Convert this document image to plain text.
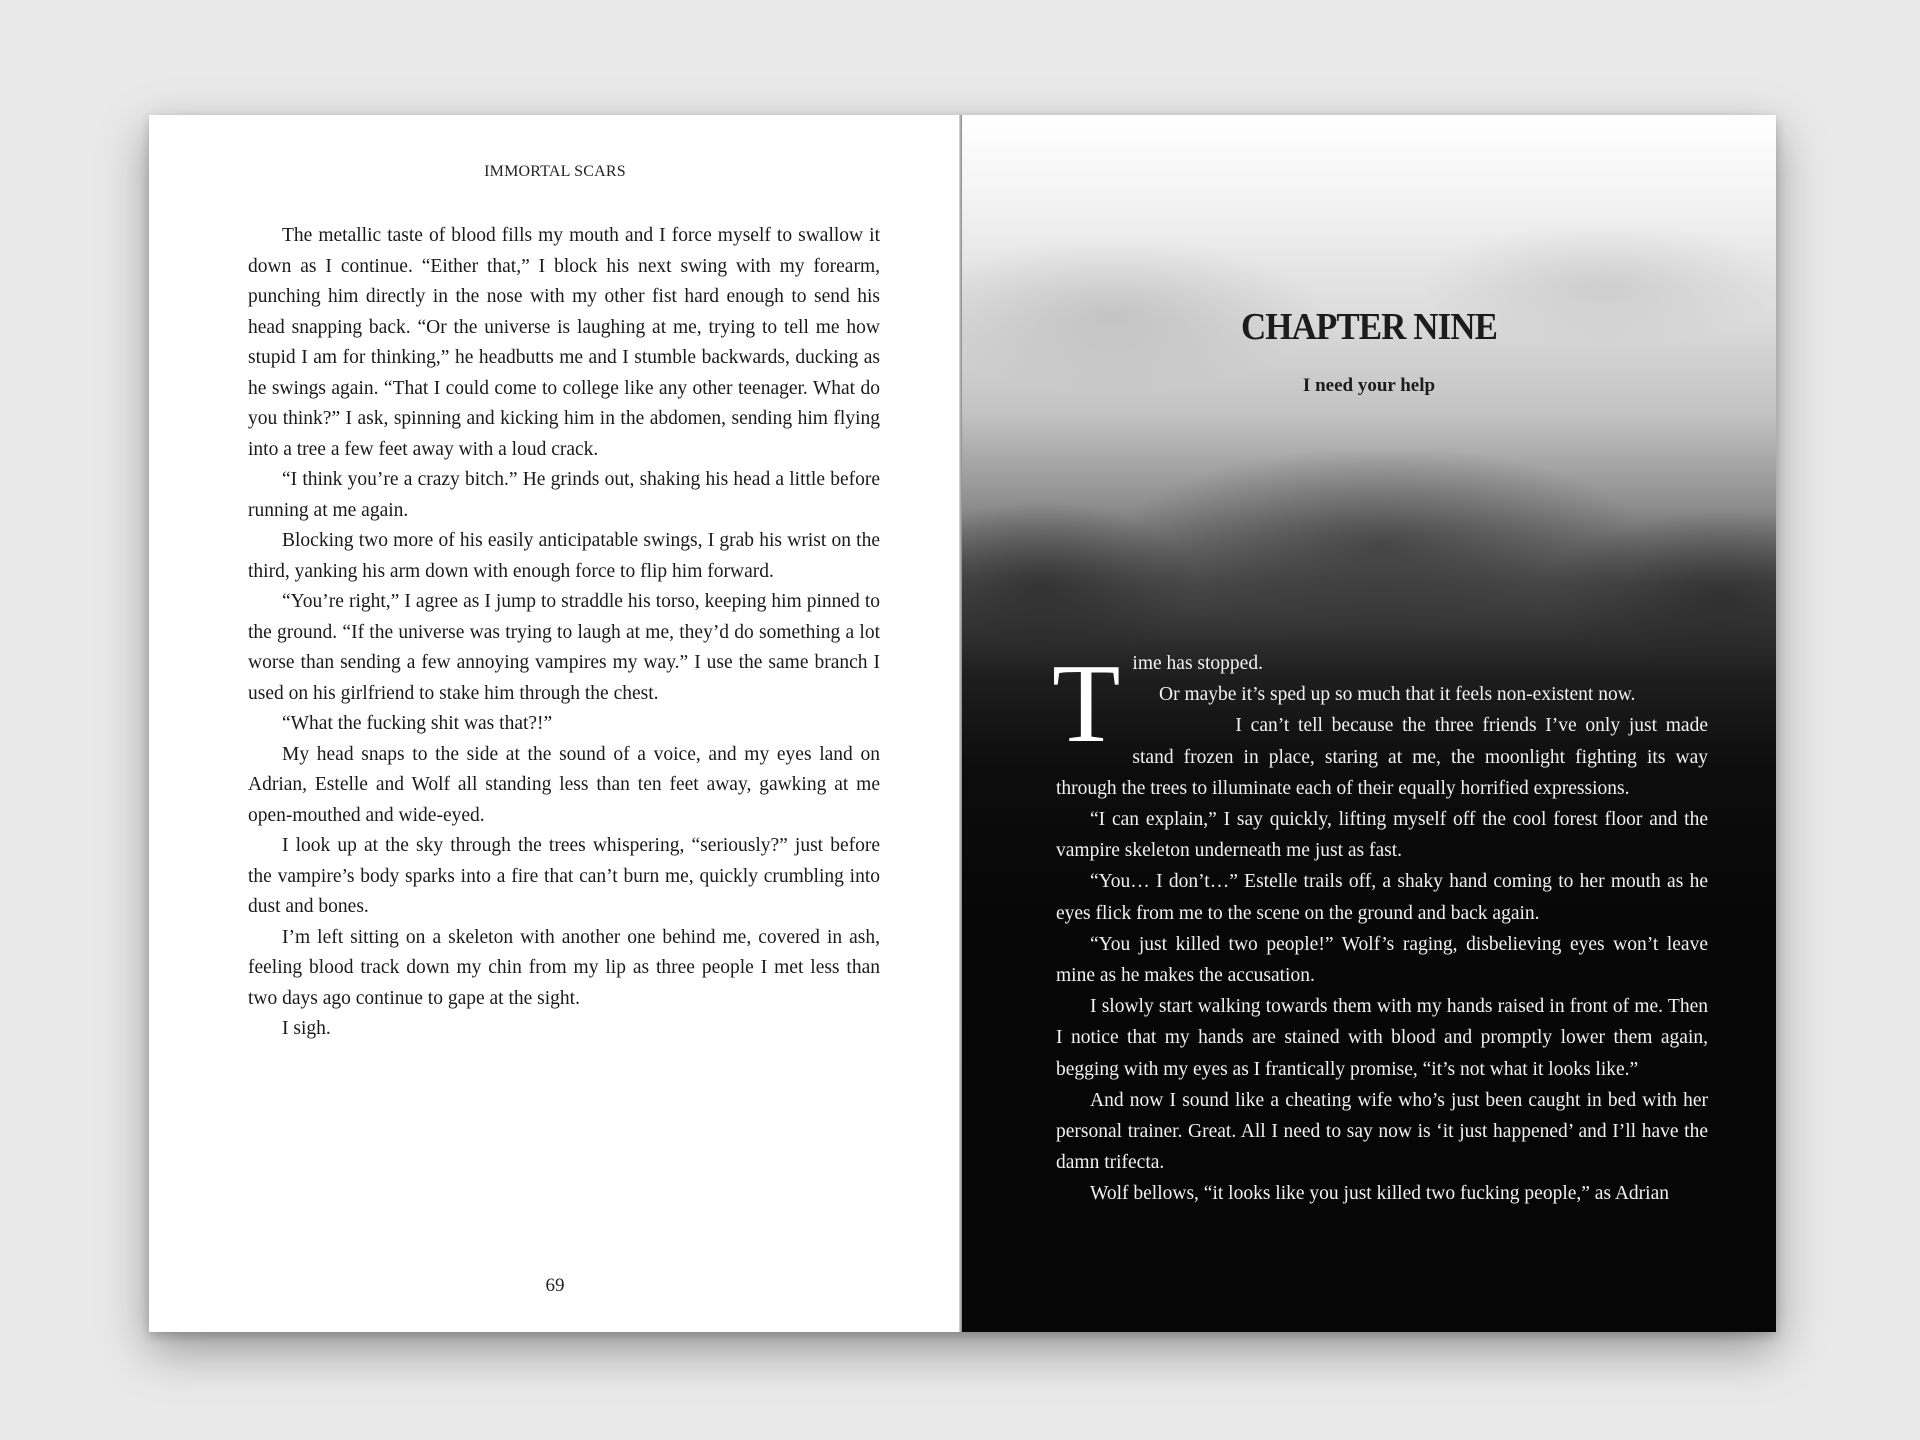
IMMORTAL SCARS

The metallic taste of blood fills my mouth and I force myself to swallow it down as I continue. “Either that,” I block his next swing with my forearm, punching him directly in the nose with my other fist hard enough to send his head snapping back. “Or the universe is laughing at me, trying to tell me how stupid I am for thinking,” he headbutts me and I stumble backwards, ducking as he swings again. “That I could come to college like any other teenager. What do you think?” I ask, spinning and kicking him in the abdomen, sending him flying into a tree a few feet away with a loud crack.

“I think you’re a crazy bitch.” He grinds out, shaking his head a little before running at me again.

Blocking two more of his easily anticipatable swings, I grab his wrist on the third, yanking his arm down with enough force to flip him forward.

“You’re right,” I agree as I jump to straddle his torso, keeping him pinned to the ground. “If the universe was trying to laugh at me, they’d do something a lot worse than sending a few annoying vampires my way.” I use the same branch I used on his girlfriend to stake him through the chest.

“What the fucking shit was that?!”

My head snaps to the side at the sound of a voice, and my eyes land on Adrian, Estelle and Wolf all standing less than ten feet away, gawking at me open-mouthed and wide-eyed.

I look up at the sky through the trees whispering, “seriously?” just before the vampire’s body sparks into a fire that can’t burn me, quickly crumbling into dust and bones.

I’m left sitting on a skeleton with another one behind me, covered in ash, feeling blood track down my chin from my lip as three people I met less than two days ago continue to gape at the sight.

I sigh.

69
CHAPTER NINE
I need your help

Time has stopped.

Or maybe it’s sped up so much that it feels non-existent now.

I can’t tell because the three friends I’ve only just made stand frozen in place, staring at me, the moonlight fighting its way through the trees to illuminate each of their equally horrified expressions.

“I can explain,” I say quickly, lifting myself off the cool forest floor and the vampire skeleton underneath me just as fast.

“You… I don’t…” Estelle trails off, a shaky hand coming to her mouth as he eyes flick from me to the scene on the ground and back again.

“You just killed two people!” Wolf’s raging, disbelieving eyes won’t leave mine as he makes the accusation.

I slowly start walking towards them with my hands raised in front of me. Then I notice that my hands are stained with blood and promptly lower them again, begging with my eyes as I frantically promise, “it’s not what it looks like.”

And now I sound like a cheating wife who’s just been caught in bed with her personal trainer. Great. All I need to say now is ‘it just happened’ and I’ll have the damn trifecta.

Wolf bellows, “it looks like you just killed two fucking people,” as Adrian
